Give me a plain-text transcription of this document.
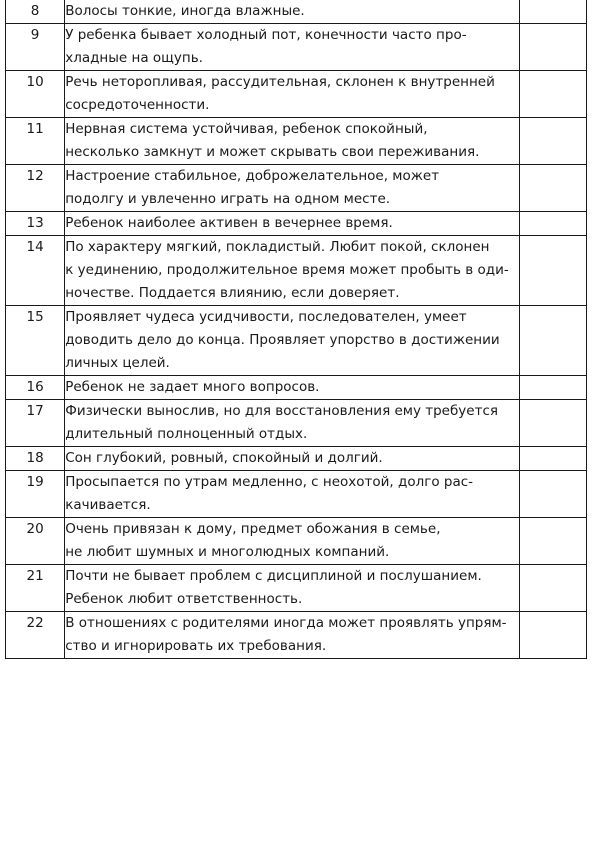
8	Волосы тонкие, иногда влажные.	

9	У ребенка бывает холодный пот, конечности часто про-
хладные на ощупь.	

10	Речь неторопливая, рассудительная, склонен к внутренней
сосредоточенности.	

11	Нервная система устойчивая, ребенок спокойный,
несколько замкнут и может скрывать свои переживания.	

12	Настроение стабильное, доброжелательное, может
подолгу и увлеченно играть на одном месте.	

13	Ребенок наиболее активен в вечернее время.	

14	По характеру мягкий, покладистый. Любит покой, склонен
к уединению, продолжительное время может пробыть в оди-
ночестве. Поддается влиянию, если доверяет.	

15	Проявляет чудеса усидчивости, последователен, умеет
доводить дело до конца. Проявляет упорство в достижении
личных целей.	

16	Ребенок не задает много вопросов.	

17	Физически вынослив, но для восстановления ему требуется
длительный полноценный отдых.	

18	Сон глубокий, ровный, спокойный и долгий.	

19	Просыпается по утрам медленно, с неохотой, долго рас-
качивается.	

20	Очень привязан к дому, предмет обожания в семье,
не любит шумных и многолюдных компаний.	

21	Почти не бывает проблем с дисциплиной и послушанием.
Ребенок любит ответственность.	

22	В отношениях с родителями иногда может проявлять упрям-
ство и игнорировать их требования.	
